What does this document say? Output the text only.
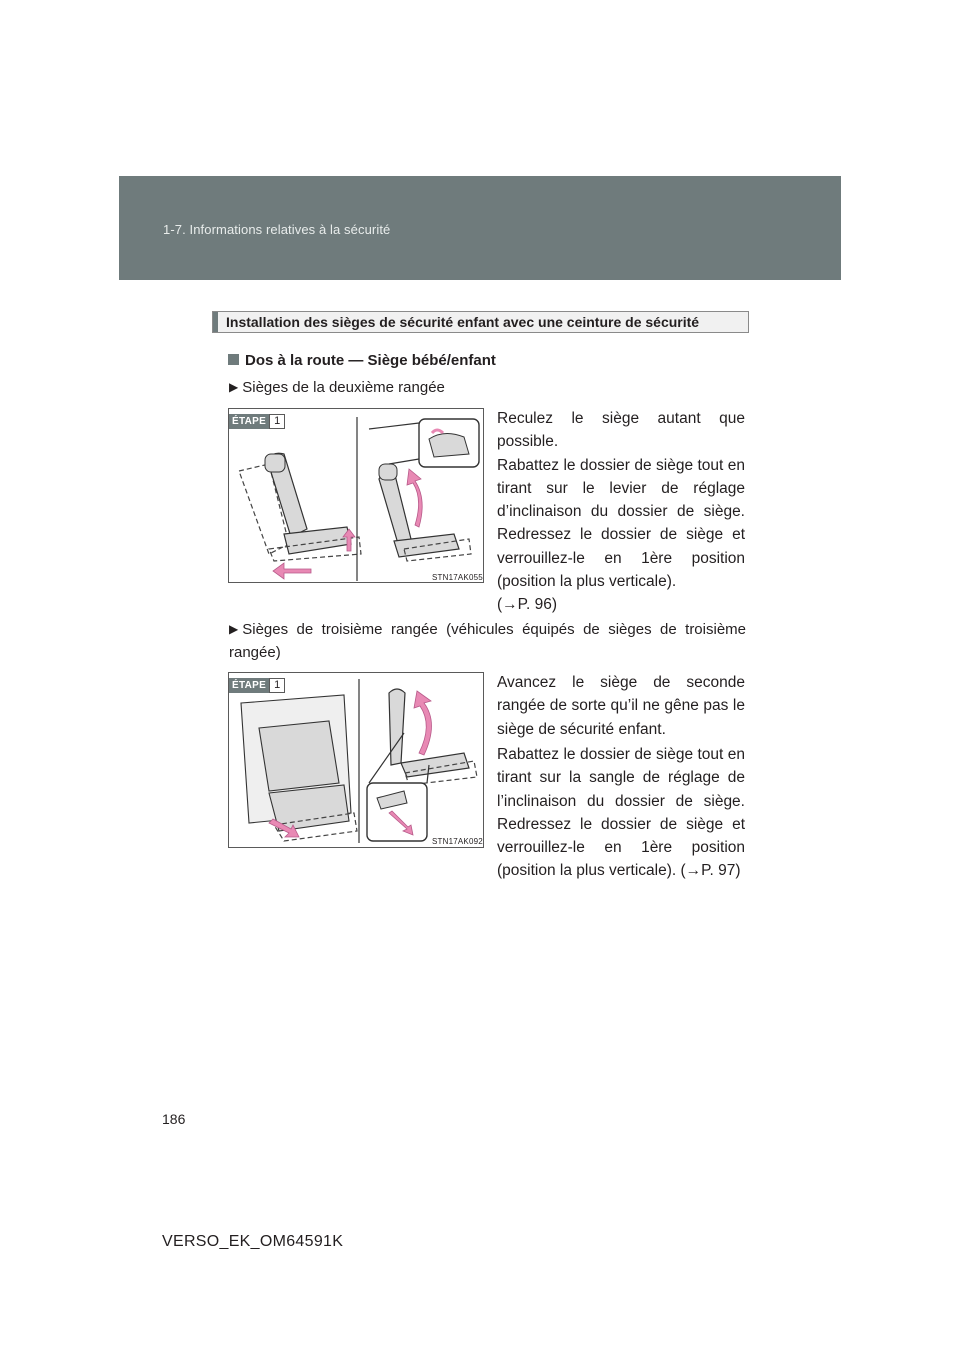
1-7. Informations relatives à la sécurité
Installation des sièges de sécurité enfant avec une ceinture de sécurité
Dos à la route — Siège bébé/enfant
▶ Sièges de la deuxième rangée
ÉTAPE 1
STN17AK055
Reculez le siège autant que possible.
Rabattez le dossier de siège tout en tirant sur le levier de réglage d’inclinaison du dossier de siège. Redressez le dossier de siège et verrouillez-le en 1ère position (position la plus verticale).
(→P. 96)
▶ Sièges de troisième rangée (véhicules équipés de sièges de troisième rangée)
ÉTAPE 1
STN17AK092
Avancez le siège de seconde rangée de sorte qu’il ne gêne pas le siège de sécurité enfant.
Rabattez le dossier de siège tout en tirant sur la sangle de réglage de l’inclinaison du dossier de siège. Redressez le dossier de siège et verrouillez-le en 1ère position (position la plus verticale). (→P. 97)
186
VERSO_EK_OM64591K
